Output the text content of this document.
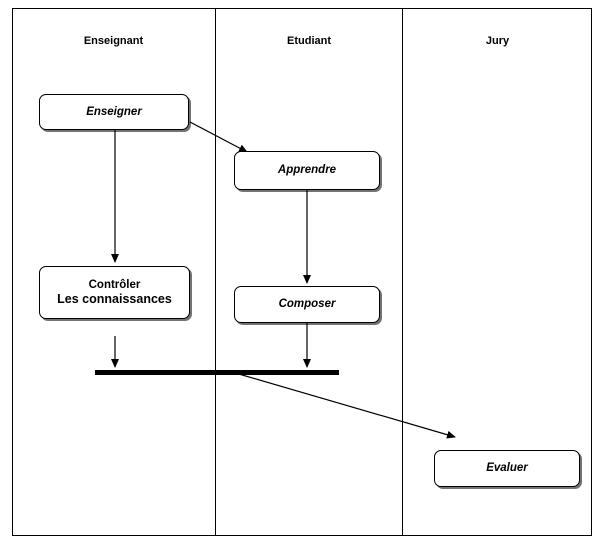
Enseignant	Etudiant	Jury
Enseigner
Apprendre
Contrôler
Les connaissances	Composer
Evaluer
